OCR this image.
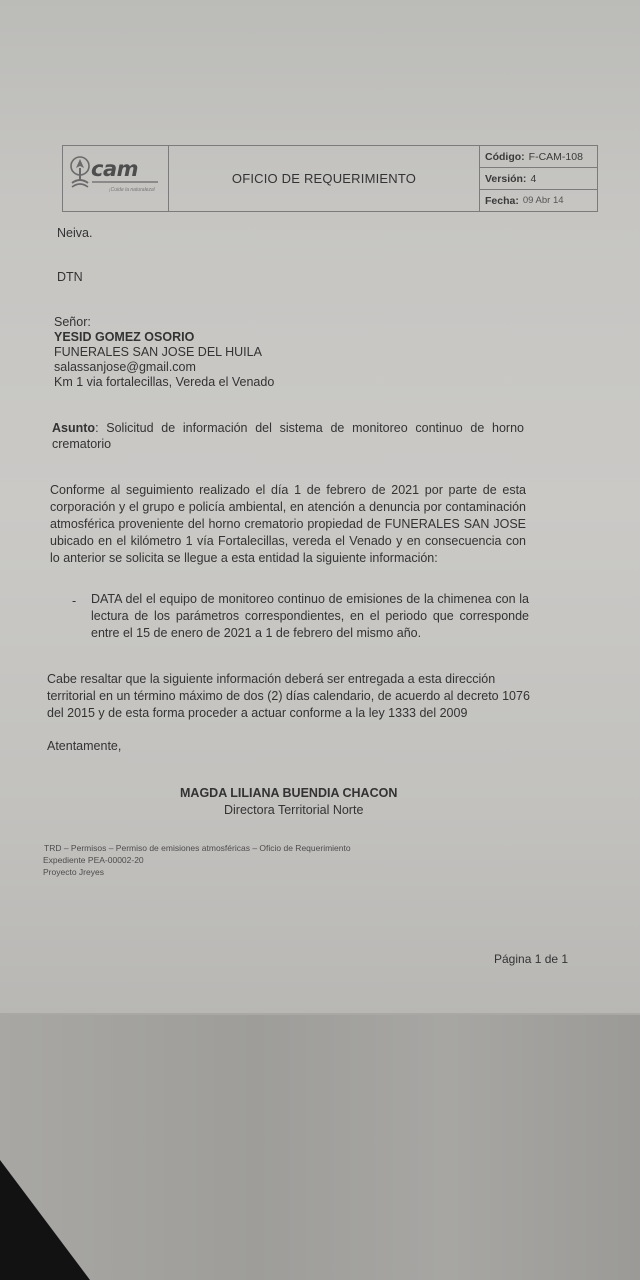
cam
¡Cuide la naturaleza!
OFICIO DE REQUERIMIENTO
Código: F-CAM-108
Versión: 4
Fecha: 09 Abr 14
Neiva.
DTN
Señor:
YESID GOMEZ OSORIO
FUNERALES SAN JOSE DEL HUILA
salassanjose@gmail.com
Km 1 via fortalecillas, Vereda el Venado
Asunto: Solicitud de información del sistema de monitoreo continuo de horno crematorio
Conforme al seguimiento realizado el día 1 de febrero de 2021 por parte de esta corporación y el grupo e policía ambiental, en atención a denuncia por contaminación atmosférica proveniente del horno crematorio propiedad de FUNERALES SAN JOSE ubicado en el kilómetro 1 vía Fortalecillas, vereda el Venado y en consecuencia con lo anterior se solicita se llegue a esta entidad la siguiente información:
- DATA del el equipo de monitoreo continuo de emisiones de la chimenea con la lectura de los parámetros correspondientes, en el periodo que corresponde entre el 15 de enero de 2021 a 1 de febrero del mismo año.
Cabe resaltar que la siguiente información deberá ser entregada a esta dirección territorial en un término máximo de dos (2) días calendario, de acuerdo al decreto 1076 del 2015 y de esta forma proceder a actuar conforme a la ley 1333 del 2009
Atentamente,
MAGDA LILIANA BUENDIA CHACON
Directora Territorial Norte
TRD – Permisos – Permiso de emisiones atmosféricas – Oficio de Requerimiento
Expediente PEA-00002-20
Proyecto Jreyes
Página 1 de 1
